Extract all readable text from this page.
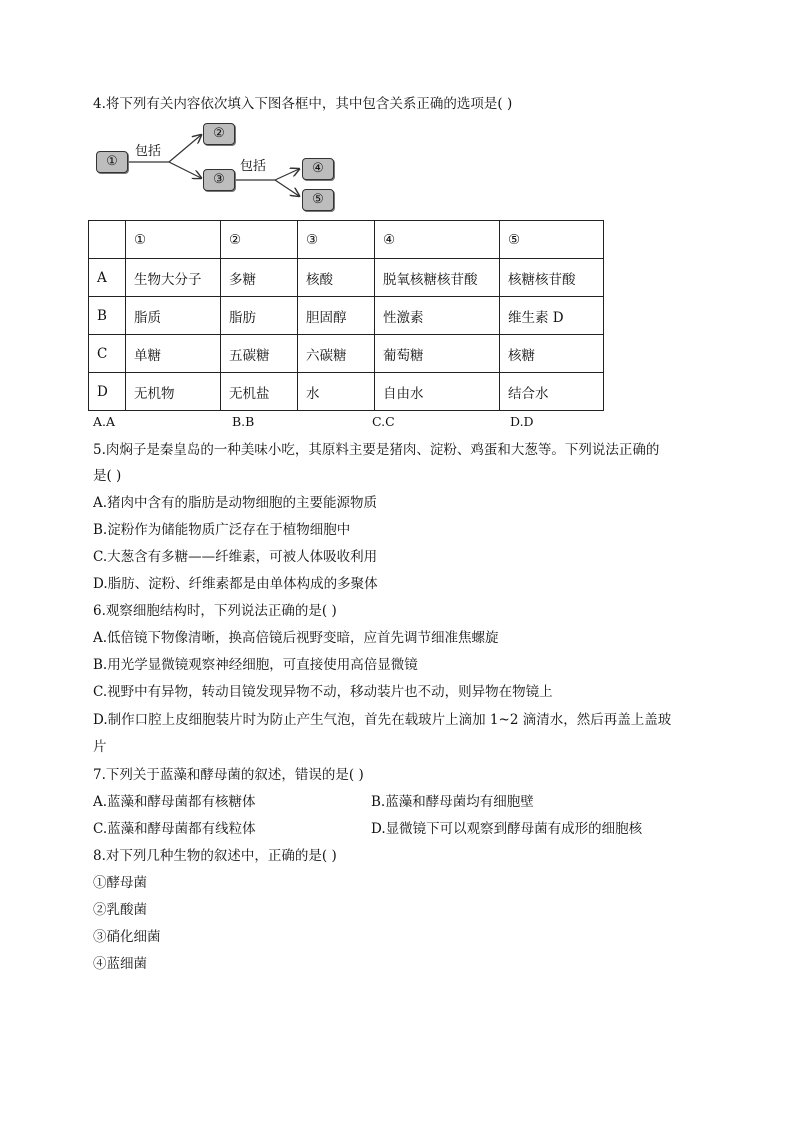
4.将下列有关内容依次填入下图各框中，其中包含关系正确的选项是( )
①
②
③
④
⑤
包括
包括
	①	②	③	④	⑤
A	生物大分子	多糖	核酸	脱氧核糖核苷酸	核糖核苷酸
B	脂质	脂肪	胆固醇	性激素	维生素 D
C	单糖	五碳糖	六碳糖	葡萄糖	核糖
D	无机物	无机盐	水	自由水	结合水
A.A	B.B	C.C	D.D
5.肉焖子是秦皇岛的一种美味小吃，其原料主要是猪肉、淀粉、鸡蛋和大葱等。下列说法正确的
是( )
A.猪肉中含有的脂肪是动物细胞的主要能源物质
B.淀粉作为储能物质广泛存在于植物细胞中
C.大葱含有多糖——纤维素，可被人体吸收利用
D.脂肪、淀粉、纤维素都是由单体构成的多聚体
6.观察细胞结构时，下列说法正确的是( )
A.低倍镜下物像清晰，换高倍镜后视野变暗，应首先调节细准焦螺旋
B.用光学显微镜观察神经细胞，可直接使用高倍显微镜
C.视野中有异物，转动目镜发现异物不动，移动装片也不动，则异物在物镜上
D.制作口腔上皮细胞装片时为防止产生气泡，首先在载玻片上滴加 1~2 滴清水，然后再盖上盖玻
片
7.下列关于蓝藻和酵母菌的叙述，错误的是( )
A.蓝藻和酵母菌都有核糖体	B.蓝藻和酵母菌均有细胞壁
C.蓝藻和酵母菌都有线粒体	D.显微镜下可以观察到酵母菌有成形的细胞核
8.对下列几种生物的叙述中，正确的是( )
①酵母菌
②乳酸菌
③硝化细菌
④蓝细菌
